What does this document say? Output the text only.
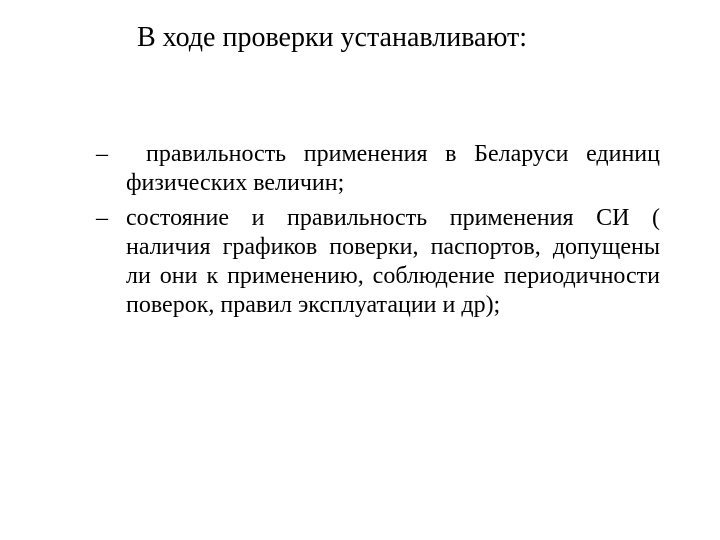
В ходе проверки устанавливают:
–	правильность применения в Беларуси единиц физических величин;
– состояние и правильность применения СИ ( наличия графиков поверки, паспортов, допущены ли они к применению, соблюдение периодичности поверок, правил эксплуатации и др);
